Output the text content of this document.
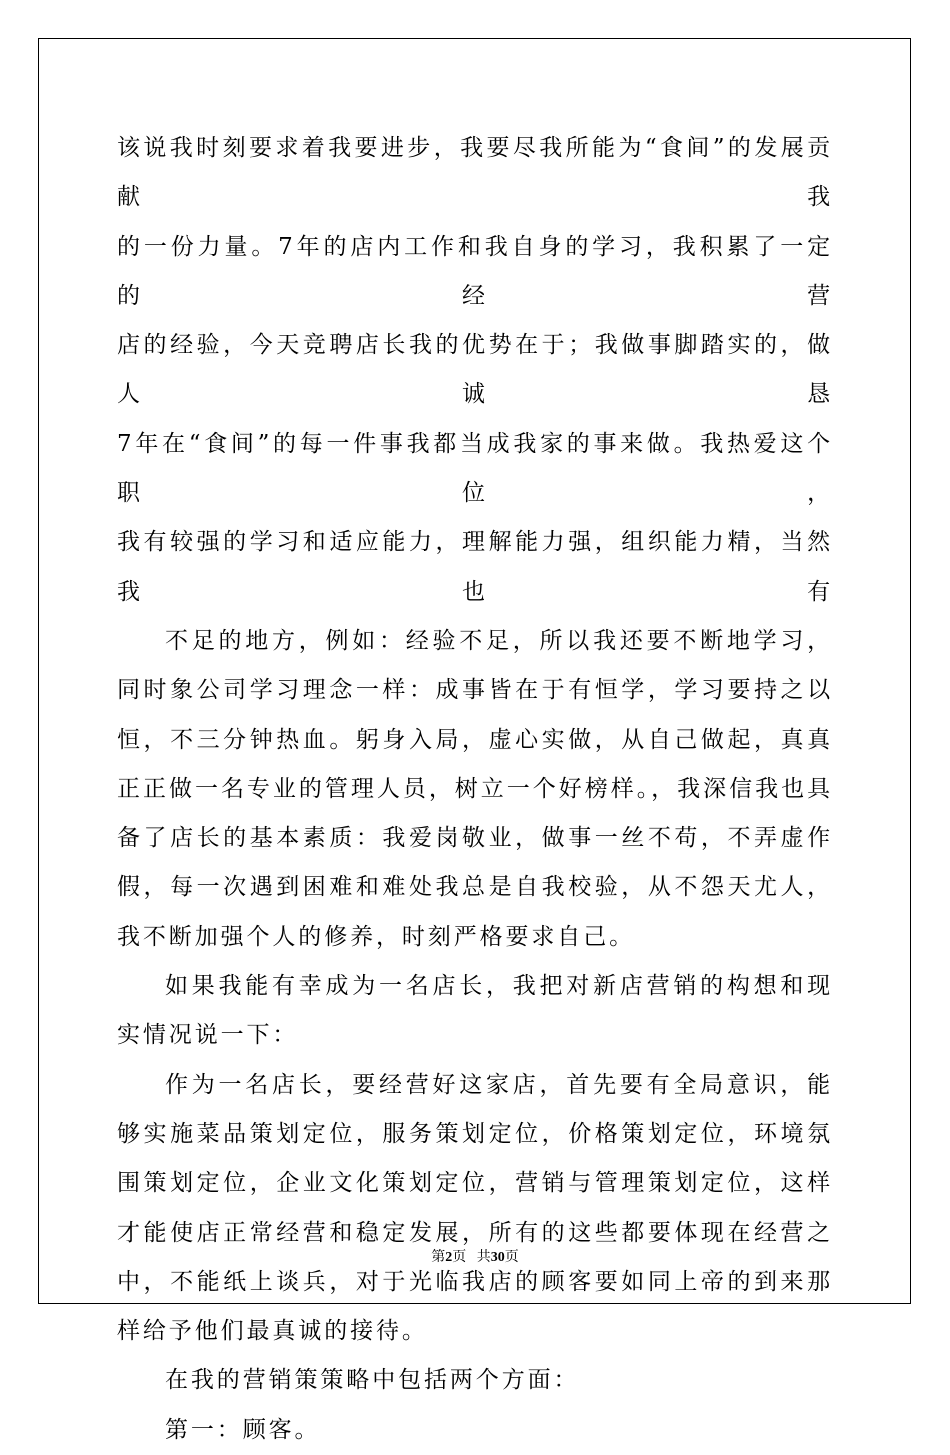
该说我时刻要求着我要进步，我要尽我所能为“食间”的发展贡献我

的一份力量。7年的店内工作和我自身的学习，我积累了一定的经营

店的经验，今天竞聘店长我的优势在于；我做事脚踏实的，做人诚恳

7年在“食间”的每一件事我都当成我家的事来做。我热爱这个职位，

我有较强的学习和适应能力，理解能力强，组织能力精，当然我也有

不足的地方，例如：经验不足，所以我还要不断地学习，同时象公司学习理念一样：成事皆在于有恒学，学习要持之以恒，不三分钟热血。躬身入局，虚心实做，从自己做起，真真正正做一名专业的管理人员，树立一个好榜样。，我深信我也具备了店长的基本素质：我爱岗敬业，做事一丝不苟，不弄虚作假，每一次遇到困难和难处我总是自我校验，从不怨天尤人，我不断加强个人的修养，时刻严格要求自己。

如果我能有幸成为一名店长，我把对新店营销的构想和现实情况说一下：

作为一名店长，要经营好这家店，首先要有全局意识，能够实施菜品策划定位，服务策划定位，价格策划定位，环境氛围策划定位，企业文化策划定位，营销与管理策划定位，这样才能使店正常经营和稳定发展，所有的这些都要体现在经营之中，不能纸上谈兵，对于光临我店的顾客要如同上帝的到来那样给予他们最真诚的接待。

在我的营销策策略中包括两个方面：

第一：顾客。

第2页 共30页
